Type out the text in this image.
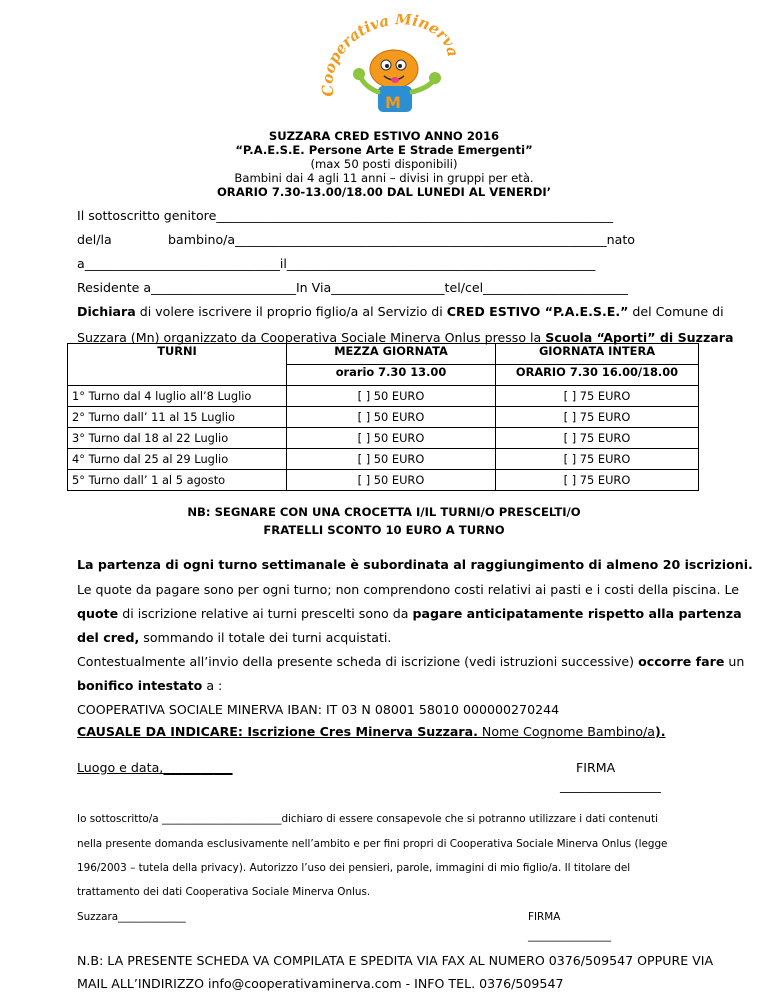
Cooperativa Minerv
M
SUZZARA CRED ESTIVO ANNO 2016
“P.A.E.S.E. Persone Arte E Strade Emergenti”
(max 50 posti disponibili)
Bambini dai 4 agli 11 anni – divisi in gruppi per età.
ORARIO 7.30-13.00/18.00 DAL LUNEDI AL VENERDI’
Il sottoscritto genitore_______________________________________________________________
del/la	bambino/a___________________________________________________________nato
a_______________________________il_________________________________________________
Residente a_______________________In Via__________________tel/cel_______________________
Dichiara di volere iscrivere il proprio figlio/a al Servizio di CRED ESTIVO “P.A.E.S.E.” del Comune di
Suzzara (Mn) organizzato da Cooperativa Sociale Minerva Onlus presso la Scuola “Aporti” di Suzzara
TURNI	MEZZA GIORNATA	GIORNATA INTERA
	orario 7.30 13.00	ORARIO 7.30 16.00/18.00
1° Turno dal 4 luglio all’8 Luglio	[ ] 50 EURO	[ ] 75 EURO
2° Turno dall’ 11 al 15 Luglio	[ ] 50 EURO	[ ] 75 EURO
3° Turno dal 18 al 22 Luglio	[ ] 50 EURO	[ ] 75 EURO
4° Turno dal 25 al 29 Luglio	[ ] 50 EURO	[ ] 75 EURO
5° Turno dall’ 1 al 5 agosto	[ ] 50 EURO	[ ] 75 EURO
NB: SEGNARE CON UNA CROCETTA I/IL TURNI/O PRESCELTI/O
FRATELLI SCONTO 10 EURO A TURNO
La partenza di ogni turno settimanale è subordinata al raggiungimento di almeno 20 iscrizioni.
Le quote da pagare sono per ogni turno; non comprendono costi relativi ai pasti e i costi della piscina. Le
quote di iscrizione relative ai turni prescelti sono da pagare anticipatamente rispetto alla partenza
del cred, sommando il totale dei turni acquistati.
Contestualmente all’invio della presente scheda di iscrizione (vedi istruzioni successive) occorre fare un
bonifico intestato a :
COOPERATIVA SOCIALE MINERVA IBAN: IT 03 N 08001 58010 000000270244
CAUSALE DA INDICARE: Iscrizione Cres Minerva Suzzara. Nome Cognome Bambino/a).
Luogo e data,___________	FIRMA
________________
Io sottoscritto/a _______________________dichiaro di essere consapevole che si potranno utilizzare i dati contenuti
nella presente domanda esclusivamente nell’ambito e per fini propri di Cooperativa Sociale Minerva Onlus (legge
196/2003 – tutela della privacy). Autorizzo l’uso dei pensieri, parole, immagini di mio figlio/a. Il titolare del
trattamento dei dati Cooperativa Sociale Minerva Onlus.
Suzzara_____________	FIRMA
________________
N.B: LA PRESENTE SCHEDA VA COMPILATA E SPEDITA VIA FAX AL NUMERO 0376/509547 OPPURE VIA
MAIL ALL’INDIRIZZO info@cooperativaminerva.com - INFO TEL. 0376/509547
